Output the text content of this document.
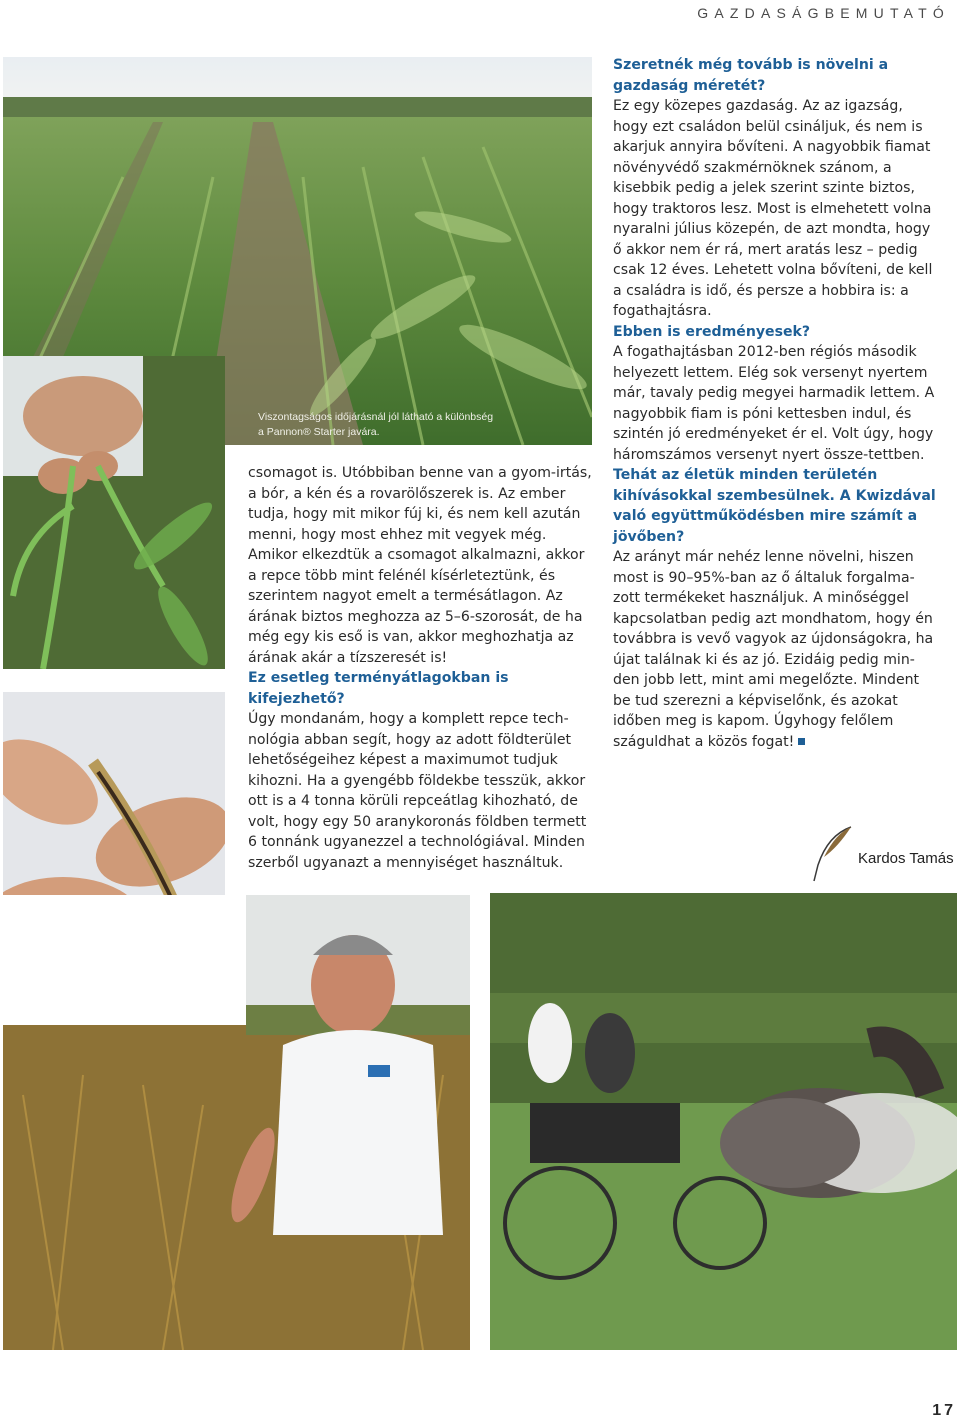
GAZDASÁGBEMUTATÓ
Viszontagságos időjárásnál jól látható a különbség
a Pannon® Starter javára.

csomagot is. Utóbbiban benne van a gyom-irtás, a bór, a kén és a rovarölőszerek is. Az ember tudja, hogy mit mikor fúj ki, és nem kell azután menni, hogy most ehhez mit vegyek még. Amikor elkezdtük a csomagot alkalmazni, akkor a repce több mint felénél kísérleteztünk, és szerintem nagyot emelt a termésátlagon. Az árának biztos meghozza az 5–6-szorosát, de ha még egy kis eső is van, akkor meghozhatja az árának akár a tízszeresét is!

Ez esetleg terményátlagokban is kifejezhető?

Úgy mondanám, hogy a komplett repce tech-nológia abban segít, hogy az adott földterület lehetőségeihez képest a maximumot tudjuk kihozni. Ha a gyengébb földekbe tesszük, akkor ott is a 4 tonna körüli repceátlag kihozható, de volt, hogy egy 50 aranykoronás földben termett 6 tonnánk ugyanezzel a technológiával. Minden szerből ugyanazt a mennyiséget használtuk.

Szeretnék még tovább is növelni a gazdaság méretét?

Ez egy közepes gazdaság. Az az igazság, hogy ezt családon belül csináljuk, és nem is akarjuk annyira bővíteni. A nagyobbik fiamat növényvédő szakmérnöknek szánom, a kisebbik pedig a jelek szerint szinte biztos, hogy traktoros lesz. Most is elmehetett volna nyaralni július közepén, de azt mondta, hogy ő akkor nem ér rá, mert aratás lesz – pedig csak 12 éves. Lehetett volna bővíteni, de kell a családra is idő, és persze a hobbira is: a fogathajtásra.

Ebben is eredményesek?

A fogathajtásban 2012-ben régiós második helyezett lettem. Elég sok versenyt nyertem már, tavaly pedig megyei harmadik lettem. A nagyobbik fiam is póni kettesben indul, és szintén jó eredményeket ér el. Volt úgy, hogy háromszámos versenyt nyert össze-tettben.

Tehát az életük minden területén kihívásokkal szembesülnek. A Kwizdával való együttműködésben mire számít a jövőben?

Az arányt már nehéz lenne növelni, hiszen most is 90–95%-ban az ő általuk forgalma-zott termékeket használjuk. A minőséggel kapcsolatban pedig azt mondhatom, hogy én továbbra is vevő vagyok az újdonságokra, ha újat találnak ki és az jó. Ezidáig pedig min-den jobb lett, mint ami megelőzte. Mindent be tud szerezni a képviselőnk, és azokat időben meg is kapom. Úgyhogy felőlem száguldhat a közös fogat!

Kardos Tamás
17
